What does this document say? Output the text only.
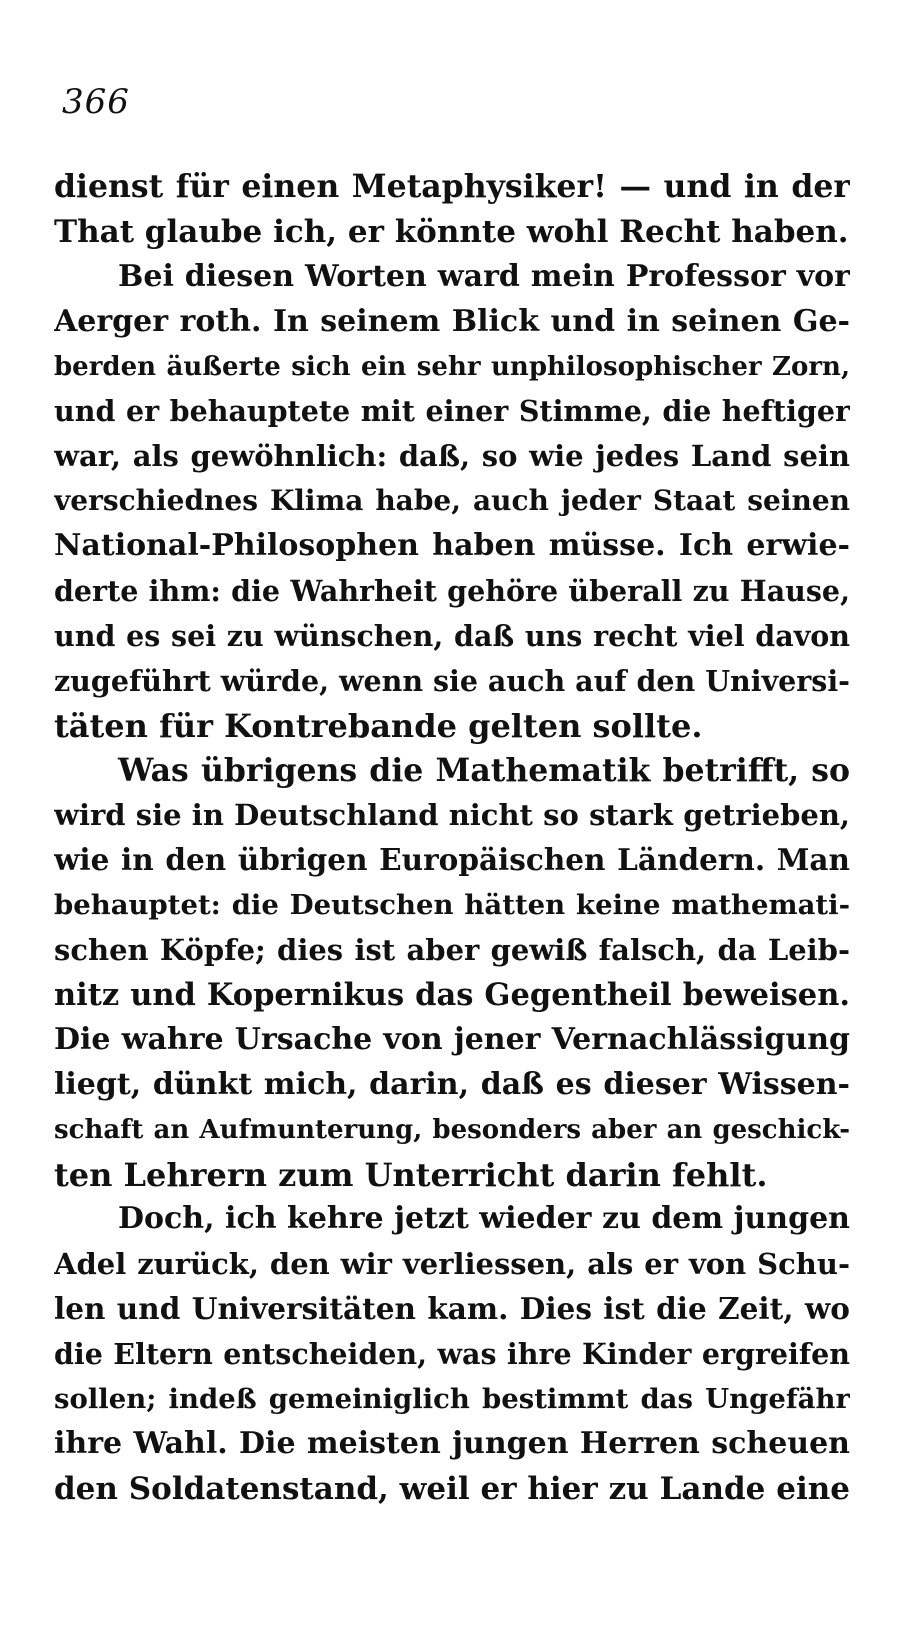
366
dienst für einen Metaphysiker! — und in der
That glaube ich, er könnte wohl Recht haben.
Bei diesen Worten ward mein Professor vor
Aerger roth. In seinem Blick und in seinen Ge-
berden äußerte sich ein sehr unphilosophischer Zorn,
und er behauptete mit einer Stimme, die heftiger
war, als gewöhnlich: daß, so wie jedes Land sein
verschiednes Klima habe, auch jeder Staat seinen
National-Philosophen haben müsse. Ich erwie-
derte ihm: die Wahrheit gehöre überall zu Hause,
und es sei zu wünschen, daß uns recht viel davon
zugeführt würde, wenn sie auch auf den Universi-
täten für Kontrebande gelten sollte.
Was übrigens die Mathematik betrifft, so
wird sie in Deutschland nicht so stark getrieben,
wie in den übrigen Europäischen Ländern. Man
behauptet: die Deutschen hätten keine mathemati-
schen Köpfe; dies ist aber gewiß falsch, da Leib-
nitz und Kopernikus das Gegentheil beweisen.
Die wahre Ursache von jener Vernachlässigung
liegt, dünkt mich, darin, daß es dieser Wissen-
schaft an Aufmunterung, besonders aber an geschick-
ten Lehrern zum Unterricht darin fehlt.
Doch, ich kehre jetzt wieder zu dem jungen
Adel zurück, den wir verliessen, als er von Schu-
len und Universitäten kam. Dies ist die Zeit, wo
die Eltern entscheiden, was ihre Kinder ergreifen
sollen; indeß gemeiniglich bestimmt das Ungefähr
ihre Wahl. Die meisten jungen Herren scheuen
den Soldatenstand, weil er hier zu Lande eine
